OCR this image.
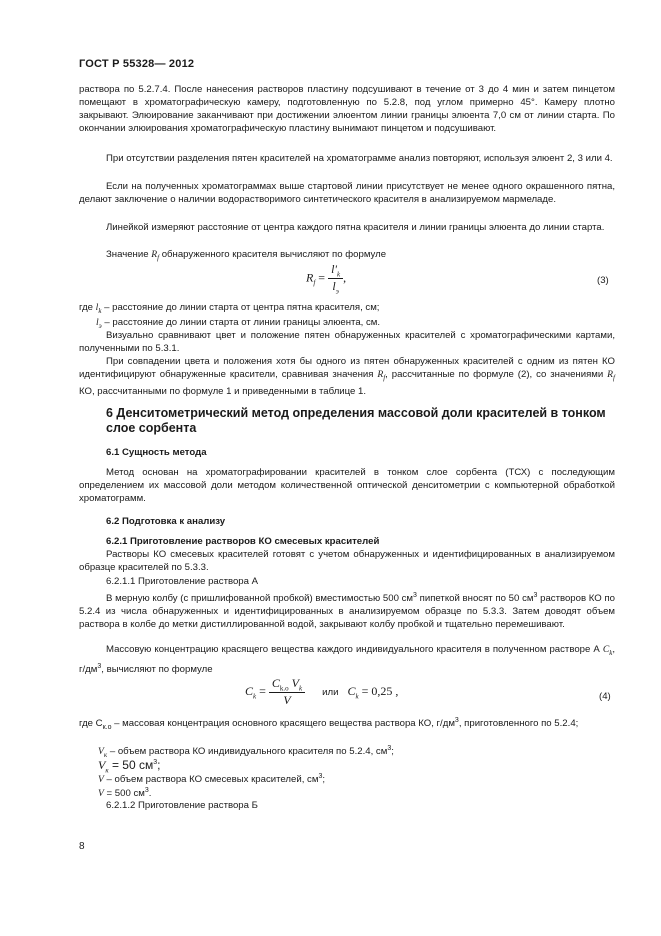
ГОСТ Р 55328— 2012
раствора по 5.2.7.4. После нанесения растворов пластину подсушивают в течение от 3 до 4 мин и затем пинцетом помещают в хроматографическую камеру, подготовленную по 5.2.8, под углом примерно 45°. Камеру плотно закрывают. Элюирование заканчивают при достижении элюентом линии границы элюента 7,0 см от линии старта. По окончании элюирования хроматографическую пластину вынимают пинцетом и подсушивают.
При отсутствии разделения пятен красителей на хроматограмме анализ повторяют, используя элюент 2, 3 или 4.
Если на полученных хроматограммах выше стартовой линии присутствует не менее одного окрашенного пятна, делают заключение о наличии водорастворимого синтетического красителя в анализируемом мармеладе.
Линейкой измеряют расстояние от центра каждого пятна красителя и линии границы элюента до линии старта.
Значение $R_f$ обнаруженного красителя вычисляют по формуле
$R_f = \frac{l'_k}{l_э}$ ,	(3)
где $l_k$ – расстояние до линии старта от центра пятна красителя, см;
$l_э$ – расстояние до линии старта от линии границы элюента, см.
Визуально сравнивают цвет и положение пятен обнаруженных красителей с хроматографическими картами, полученными по 5.3.1.
При совпадении цвета и положения хотя бы одного из пятен обнаруженных красителей с одним из пятен КО идентифицируют обнаруженные красители, сравнивая значения $R_f$, рассчитанные по формуле (2), со значениями $R_f$ КО, рассчитанными по формуле 1 и приведенными в таблице 1.
6 Денситометрический метод определения массовой доли красителей в тонком слое сорбента
6.1 Сущность метода
Метод основан на хроматографировании красителей в тонком слое сорбента (ТСХ) с последующим определением их массовой доли методом количественной оптической денситометрии с компьютерной обработкой хроматограмм.
6.2 Подготовка к анализу
6.2.1 Приготовление растворов КО смесевых красителей
Растворы КО смесевых красителей готовят с учетом обнаруженных и идентифицированных в анализируемом образце красителей по 5.3.3.
6.2.1.1 Приготовление раствора А
В мерную колбу (с пришлифованной пробкой) вместимостью 500 $см^3$ пипеткой вносят по 50 $см^3$ растворов КО по 5.2.4 из числа обнаруженных и идентифицированных в анализируемом образце по 5.3.3. Затем доводят объем раствора в колбе до метки дистиллированной водой, закрывают колбу пробкой и тщательно перемешивают.
Массовую концентрацию красящего вещества каждого индивидуального красителя в полученном растворе А $C_k$, $г/дм^3$, вычисляют по формуле
$C_k = \frac{C_{k.o} V_k}{V}$ или $C_k = 0,25$ ,	(4)
где $C_{к.о}$ – массовая концентрация основного красящего вещества раствора КО, $г/дм^3$, приготовленного по 5.2.4;
$V_к$ – объем раствора КО индивидуального красителя по 5.2.4, $см^3$;
$V_к = 50$ $см^3$;
V – объем раствора КО смесевых красителей, $см^3$;
V = 500 $см^3$.
6.2.1.2 Приготовление раствора Б
8
